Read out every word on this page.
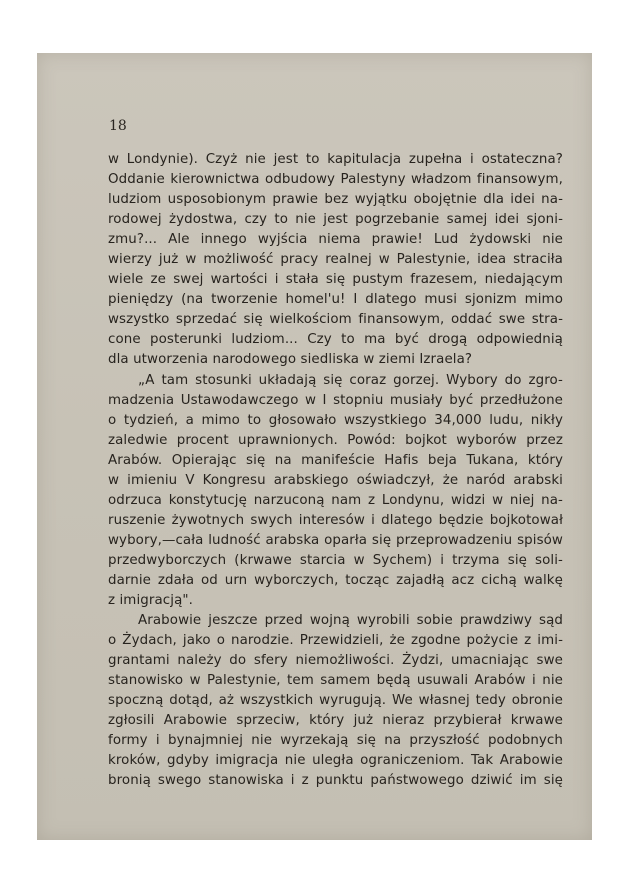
18

w Londynie). Czyż nie jest to kapitulacja zupełna i ostateczna?
Oddanie kierownictwa odbudowy Palestyny władzom finansowym,
ludziom usposobionym prawie bez wyjątku obojętnie dla idei na-
rodowej żydostwa, czy to nie jest pogrzebanie samej idei sjoni-
zmu?... Ale innego wyjścia niema prawie! Lud żydowski nie
wierzy już w możliwość pracy realnej w Palestynie, idea straciła
wiele ze swej wartości i stała się pustym frazesem, niedającym
pieniędzy (na tworzenie homel'u! I dlatego musi sjonizm mimo
wszystko sprzedać się wielkościom finansowym, oddać swe stra-
cone posterunki ludziom... Czy to ma być drogą odpowiednią
dla utworzenia narodowego siedliska w ziemi Izraela?
„A tam stosunki układają się coraz gorzej. Wybory do zgro-
madzenia Ustawodawczego w I stopniu musiały być przedłużone
o tydzień, a mimo to głosowało wszystkiego 34,000 ludu, nikły
zaledwie procent uprawnionych. Powód: bojkot wyborów przez
Arabów. Opierając się na manifeście Hafis beja Tukana, który
w imieniu V Kongresu arabskiego oświadczył, że naród arabski
odrzuca konstytucję narzuconą nam z Londynu, widzi w niej na-
ruszenie żywotnych swych interesów i dlatego będzie bojkotował
wybory,—cała ludność arabska oparła się przeprowadzeniu spisów
przedwyborczych (krwawe starcia w Sychem) i trzyma się soli-
darnie zdała od urn wyborczych, tocząc zajadłą acz cichą walkę
z imigracją".
Arabowie jeszcze przed wojną wyrobili sobie prawdziwy sąd
o Żydach, jako o narodzie. Przewidzieli, że zgodne pożycie z imi-
grantami należy do sfery niemożliwości. Żydzi, umacniając swe
stanowisko w Palestynie, tem samem będą usuwali Arabów i nie
spoczną dotąd, aż wszystkich wyrugują. We własnej tedy obronie
zgłosili Arabowie sprzeciw, który już nieraz przybierał krwawe
formy i bynajmniej nie wyrzekają się na przyszłość podobnych
kroków, gdyby imigracja nie uległa ograniczeniom. Tak Arabowie
bronią swego stanowiska i z punktu państwowego dziwić im się
